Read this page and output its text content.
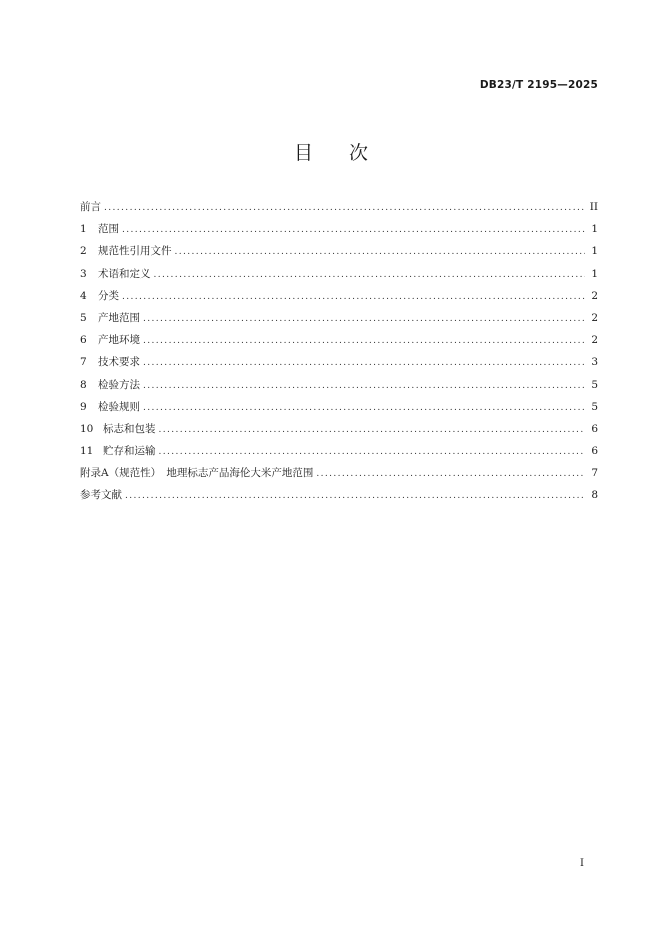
DB23/T 2195—2025
目 次
前言 .....	II
1	范围 .....	1
2	规范性引用文件 .....	1
3	术语和定义 .....	1
4	分类 .....	2
5	产地范围 .....	2
6	产地环境 .....	2
7	技术要求 .....	3
8	检验方法 .....	5
9	检验规则 .....	5
10 标志和包装 .....	6
11 贮存和运输 .....	6
附录A（规范性）　地理标志产品海伦大米产地范围 .....	7
参考文献 .....	8
I
